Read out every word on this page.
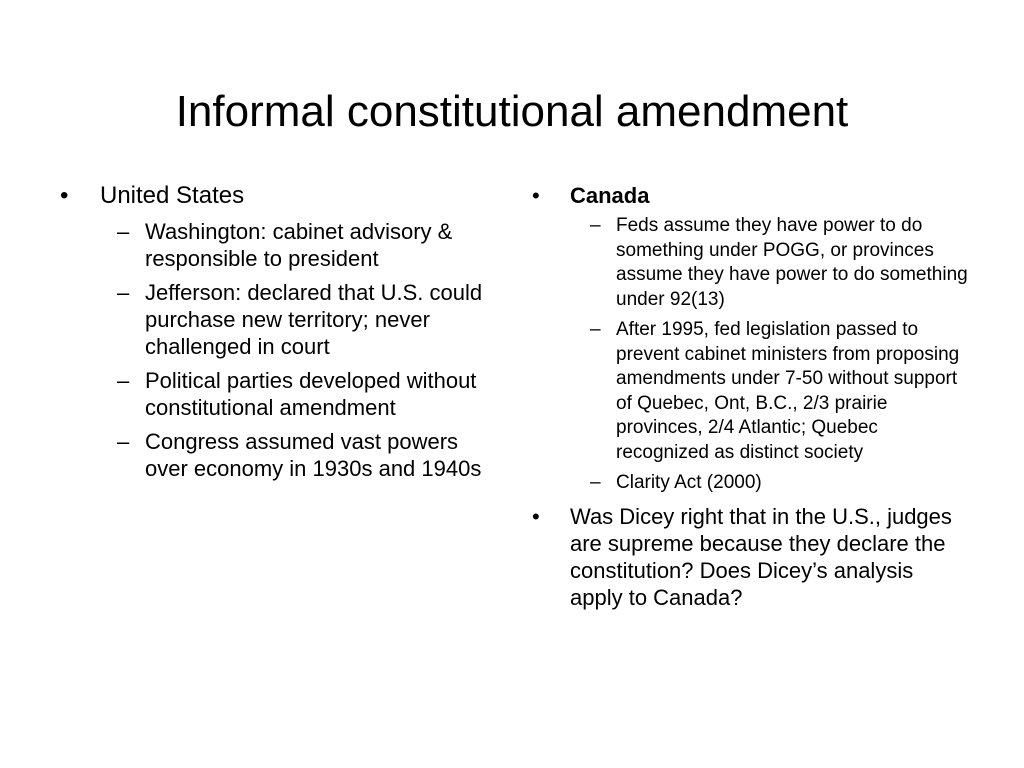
Informal constitutional amendment
• United States
– Washington: cabinet advisory & responsible to president
– Jefferson: declared that U.S. could purchase new territory; never challenged in court
– Political parties developed without constitutional amendment
– Congress assumed vast powers over economy in 1930s and 1940s
• Canada
– Feds assume they have power to do something under POGG, or provinces assume they have power to do something under 92(13)
– After 1995, fed legislation passed to prevent cabinet ministers from proposing amendments under 7-50 without support of Quebec, Ont, B.C., 2/3 prairie provinces, 2/4 Atlantic; Quebec recognized as distinct society
– Clarity Act (2000)
• Was Dicey right that in the U.S., judges are supreme because they declare the constitution? Does Dicey’s analysis apply to Canada?
